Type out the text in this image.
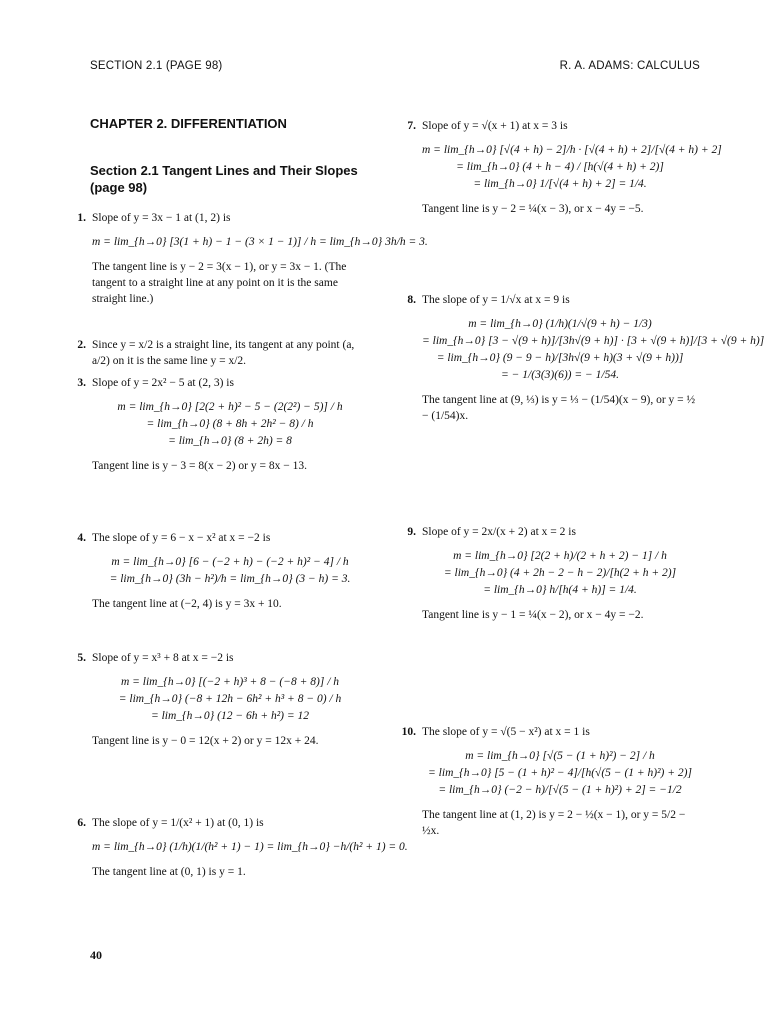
SECTION 2.1 (PAGE 98)	R. A. ADAMS: CALCULUS
CHAPTER 2. DIFFERENTIATION
Section 2.1 Tangent Lines and Their Slopes (page 98)
1. Slope of y = 3x − 1 at (1, 2) is
m = lim_{h→0} [3(1 + h) − 1 − (3 × 1 − 1)] / h = lim_{h→0} 3h/h = 3.
The tangent line is y − 2 = 3(x − 1), or y = 3x − 1. (The tangent to a straight line at any point on it is the same straight line.)
2. Since y = x/2 is a straight line, its tangent at any point (a, a/2) on it is the same line y = x/2.
3. Slope of y = 2x² − 5 at (2, 3) is
m = lim_{h→0} [2(2 + h)² − 5 − (2(2²) − 5)] / h
= lim_{h→0} (8 + 8h + 2h² − 8) / h
= lim_{h→0} (8 + 2h) = 8
Tangent line is y − 3 = 8(x − 2) or y = 8x − 13.
4. The slope of y = 6 − x − x² at x = −2 is
m = lim_{h→0} [6 − (−2 + h) − (−2 + h)² − 4] / h
= lim_{h→0} (3h − h²)/h = lim_{h→0} (3 − h) = 3.
The tangent line at (−2, 4) is y = 3x + 10.
5. Slope of y = x³ + 8 at x = −2 is
m = lim_{h→0} [(−2 + h)³ + 8 − (−8 + 8)] / h
= lim_{h→0} (−8 + 12h − 6h² + h³ + 8 − 0) / h
= lim_{h→0} (12 − 6h + h²) = 12
Tangent line is y − 0 = 12(x + 2) or y = 12x + 24.
6. The slope of y = 1/(x² + 1) at (0, 1) is
m = lim_{h→0} (1/h)(1/(h² + 1) − 1) = lim_{h→0} −h/(h² + 1) = 0.
The tangent line at (0, 1) is y = 1.
7. Slope of y = √(x + 1) at x = 3 is
m = lim_{h→0} [√(4 + h) − 2]/h · [√(4 + h) + 2]/[√(4 + h) + 2]
= lim_{h→0} (4 + h − 4) / [h(√(4 + h) + 2)]
= lim_{h→0} 1/[√(4 + h) + 2] = 1/4.
Tangent line is y − 2 = ¼(x − 3), or x − 4y = −5.
8. The slope of y = 1/√x at x = 9 is
m = lim_{h→0} (1/h)(1/√(9 + h) − 1/3)
= lim_{h→0} [3 − √(9 + h)]/[3h√(9 + h)] · [3 + √(9 + h)]/[3 + √(9 + h)]
= lim_{h→0} (9 − 9 − h)/[3h√(9 + h)(3 + √(9 + h))]
= − 1/(3(3)(6)) = − 1/54.
The tangent line at (9, ⅓) is y = ⅓ − (1/54)(x − 9), or y = ½ − (1/54)x.
9. Slope of y = 2x/(x + 2) at x = 2 is
m = lim_{h→0} [2(2 + h)/(2 + h + 2) − 1] / h
= lim_{h→0} (4 + 2h − 2 − h − 2)/[h(2 + h + 2)]
= lim_{h→0} h/[h(4 + h)] = 1/4.
Tangent line is y − 1 = ¼(x − 2), or x − 4y = −2.
10. The slope of y = √(5 − x²) at x = 1 is
m = lim_{h→0} [√(5 − (1 + h)²) − 2] / h
= lim_{h→0} [5 − (1 + h)² − 4]/[h(√(5 − (1 + h)²) + 2)]
= lim_{h→0} (−2 − h)/[√(5 − (1 + h)²) + 2] = −1/2
The tangent line at (1, 2) is y = 2 − ½(x − 1), or y = 5/2 − ½x.
40
